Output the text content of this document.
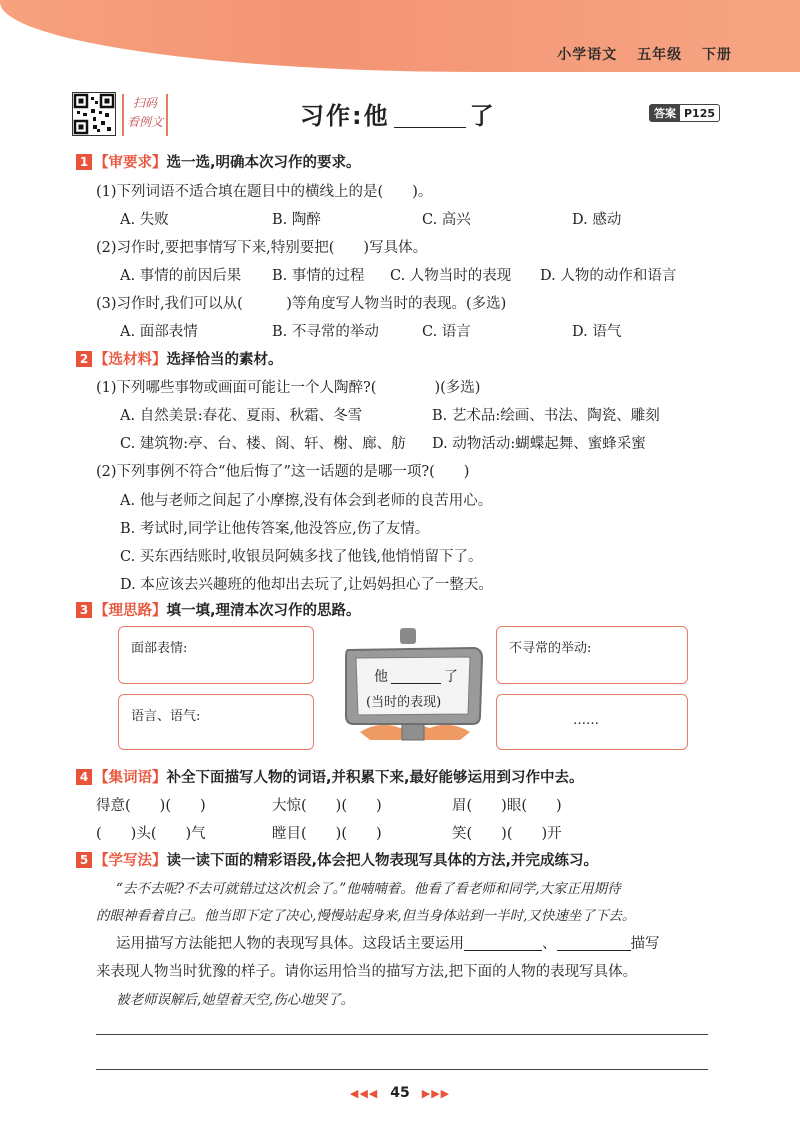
小学语文 五年级 下册
扫码
看例文	习作:他	了	答案 P125
1 【审要求】选一选,明确本次习作的要求。
(1)下列词语不适合填在题目中的横线上的是(　　)。
A. 失败	B. 陶醉	C. 高兴	D. 感动
(2)习作时,要把事情写下来,特别要把(　　)写具体。
A. 事情的前因后果 B. 事情的过程 C. 人物当时的表现 D. 人物的动作和语言
(3)习作时,我们可以从(　　　)等角度写人物当时的表现。(多选)
A. 面部表情	B. 不寻常的举动	C. 语言	D. 语气
2 【选材料】选择恰当的素材。
(1)下列哪些事物或画面可能让一个人陶醉?(　　　　)(多选)
A. 自然美景:春花、夏雨、秋霜、冬雪	B. 艺术品:绘画、书法、陶瓷、雕刻
C. 建筑物:亭、台、楼、阁、轩、榭、廊、舫 D. 动物活动:蝴蝶起舞、蜜蜂采蜜
(2)下列事例不符合“他后悔了”这一话题的是哪一项?(　　)
A. 他与老师之间起了小摩擦,没有体会到老师的良苦用心。
B. 考试时,同学让他传答案,他没答应,伤了友情。
C. 买东西结账时,收银员阿姨多找了他钱,他悄悄留下了。
D. 本应该去兴趣班的他却出去玩了,让妈妈担心了一整天。
3 【理思路】填一填,理清本次习作的思路。
面部表情:	不寻常的举动:
语言、语气:	……
他	了
(当时的表现)
4 【集词语】补全下面描写人物的词语,并积累下来,最好能够运用到习作中去。
得意(　　)(　　)	大惊(　　)(　　)	眉(　　)眼(　　)
(　　)头(　　)气	瞠目(　　)(　　)	笑(　　)(　　)开
5 【学写法】读一读下面的精彩语段,体会把人物表现写具体的方法,并完成练习。
“去不去呢?不去可就错过这次机会了。”他喃喃着。他看了看老师和同学,大家正用期待
的眼神看着自己。他当即下定了决心,慢慢站起身来,但当身体站到一半时,又快速坐了下去。
运用描写方法能把人物的表现写具体。这段话主要运用	、	描写
来表现人物当时犹豫的样子。请你运用恰当的描写方法,把下面的人物的表现写具体。
被老师误解后,她望着天空,伤心地哭了。
◀◀◀ 45 ▶▶▶
